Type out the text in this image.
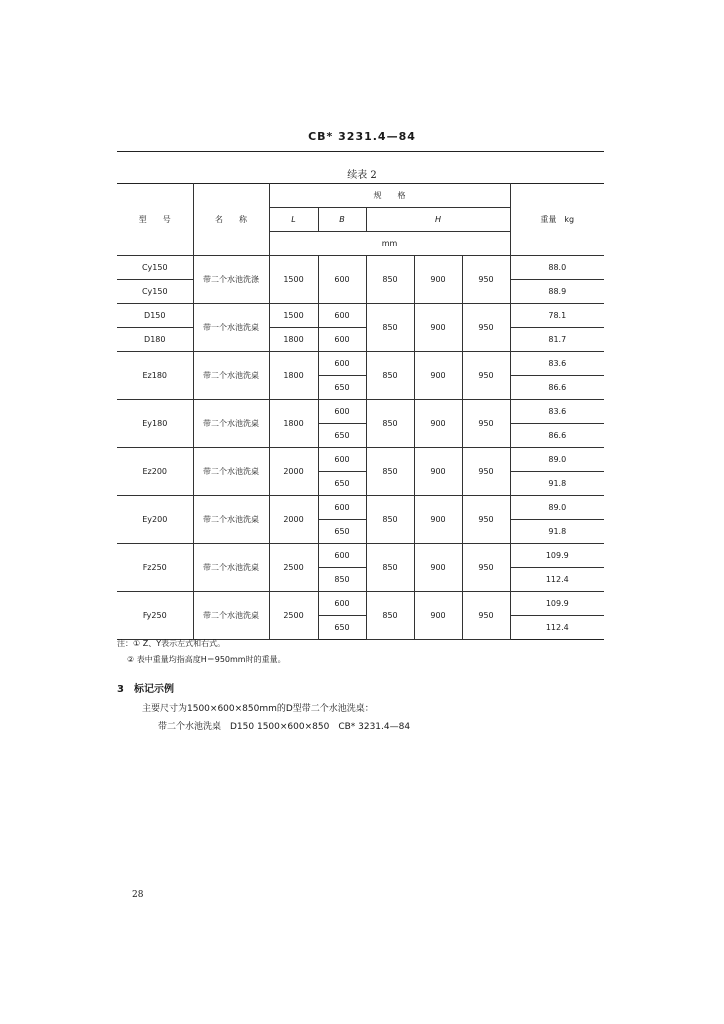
CB* 3231.4—84
续表 2
型　　号	名　　称	规　　格					重量　kg
		L	B	H			
		mm					
Cy150	带二个水池洗涤	1500	600	850	900	950	88.0
Cy150							88.9
D150	带一个水池洗桌	1500	600	850	900	950	78.1
D180		1800	600				81.7
Ez180	带二个水池洗桌	1800	600	850	900	950	83.6
			650				86.6
Ey180	带二个水池洗桌	1800	600	850	900	950	83.6
			650				86.6
Ez200	带二个水池洗桌	2000	600	850	900	950	89.0
			650				91.8
Ey200	带二个水池洗桌	2000	600	850	900	950	89.0
			650				91.8
Fz250	带二个水池洗桌	2500	600	850	900	950	109.9
			850				112.4
Fy250	带二个水池洗桌	2500	600	850	900	950	109.9
			650				112.4
注：① Z、Y表示左式和右式。
② 表中重量均指高度H＝950mm时的重量。
3　标记示例
主要尺寸为1500×600×850mm的D型带二个水池洗桌：
带二个水池洗桌　D150 1500×600×850　CB* 3231.4—84
28
